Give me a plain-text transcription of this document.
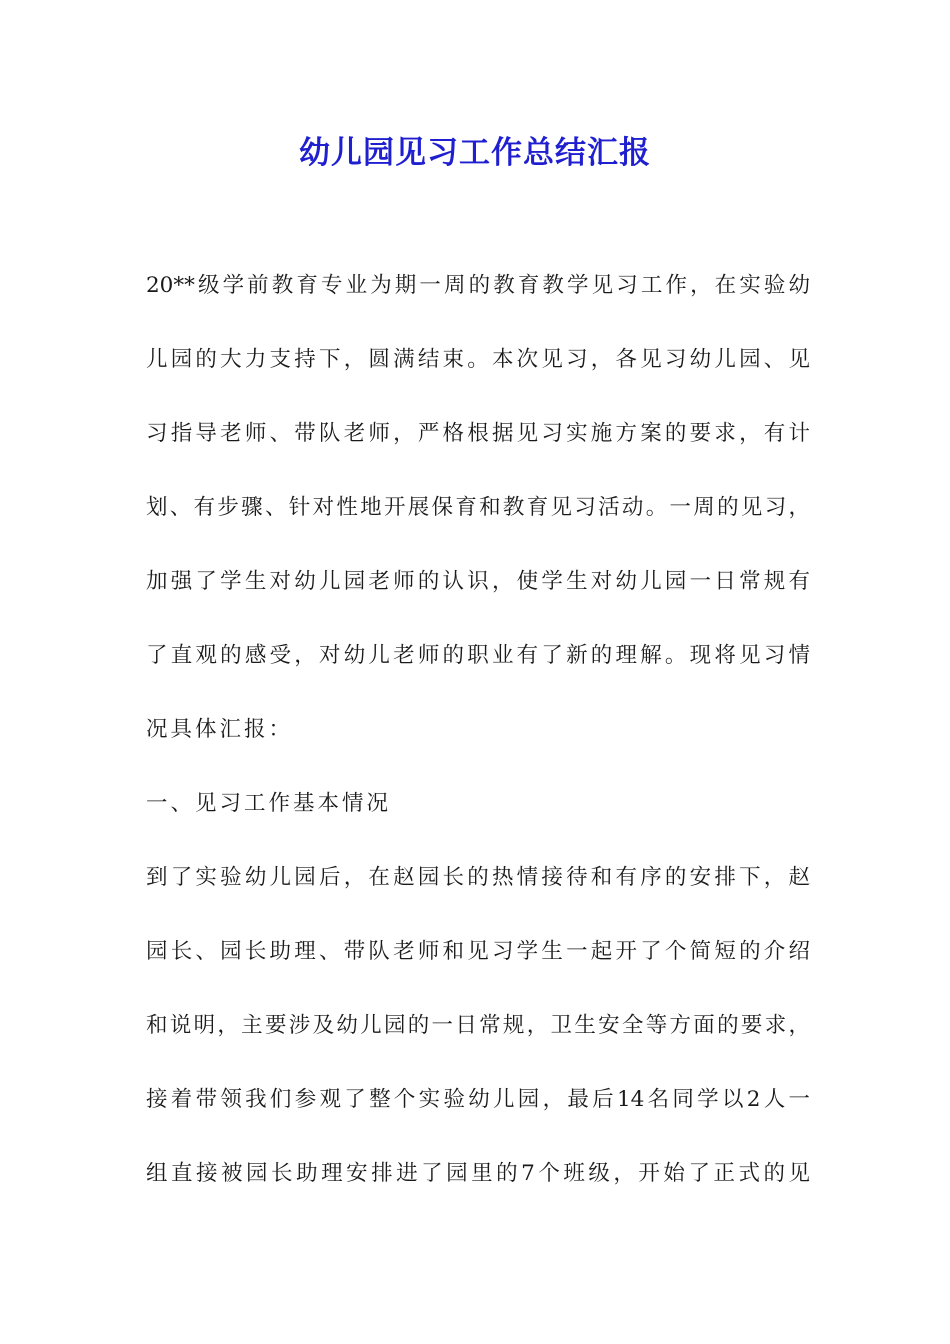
幼儿园见习工作总结汇报
20**级学前教育专业为期一周的教育教学见习工作，在实验幼
儿园的大力支持下，圆满结束。本次见习，各见习幼儿园、见
习指导老师、带队老师，严格根据见习实施方案的要求，有计
划、有步骤、针对性地开展保育和教育见习活动。一周的见习，
加强了学生对幼儿园老师的认识，使学生对幼儿园一日常规有
了直观的感受，对幼儿老师的职业有了新的理解。现将见习情
况具体汇报：
一、见习工作基本情况
到了实验幼儿园后，在赵园长的热情接待和有序的安排下，赵
园长、园长助理、带队老师和见习学生一起开了个简短的介绍
和说明，主要涉及幼儿园的一日常规，卫生安全等方面的要求，
接着带领我们参观了整个实验幼儿园，最后14名同学以2人一
组直接被园长助理安排进了园里的7个班级，开始了正式的见
